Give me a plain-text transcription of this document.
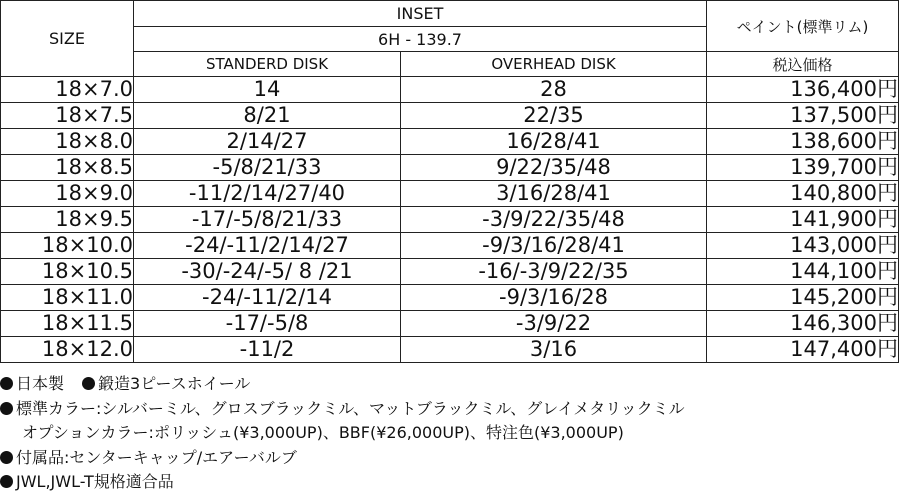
SIZE	INSET		ペイント(標準リム)
	6H - 139.7		
	STANDERD DISK	OVERHEAD DISK	税込価格
18×7.0	14	28	136,400円
18×7.5	8/21	22/35	137,500円
18×8.0	2/14/27	16/28/41	138,600円
18×8.5	-5/8/21/33	9/22/35/48	139,700円
18×9.0	-11/2/14/27/40	3/16/28/41	140,800円
18×9.5	-17/-5/8/21/33	-3/9/22/35/48	141,900円
18×10.0	-24/-11/2/14/27	-9/3/16/28/41	143,000円
18×10.5	-30/-24/-5/ 8 /21	-16/-3/9/22/35	144,100円
18×11.0	-24/-11/2/14	-9/3/16/28	145,200円
18×11.5	-17/-5/8	-3/9/22	146,300円
18×12.0	-11/2	3/16	147,400円
日本製 鍛造3ピースホイール
標準カラー:シルバーミル、グロスブラックミル、マットブラックミル、グレイメタリックミル
オプションカラー:ポリッシュ(¥3,000UP)、BBF(¥26,000UP)、特注色(¥3,000UP)
付属品:センターキャップ/エアーバルブ
JWL,JWL-T規格適合品
